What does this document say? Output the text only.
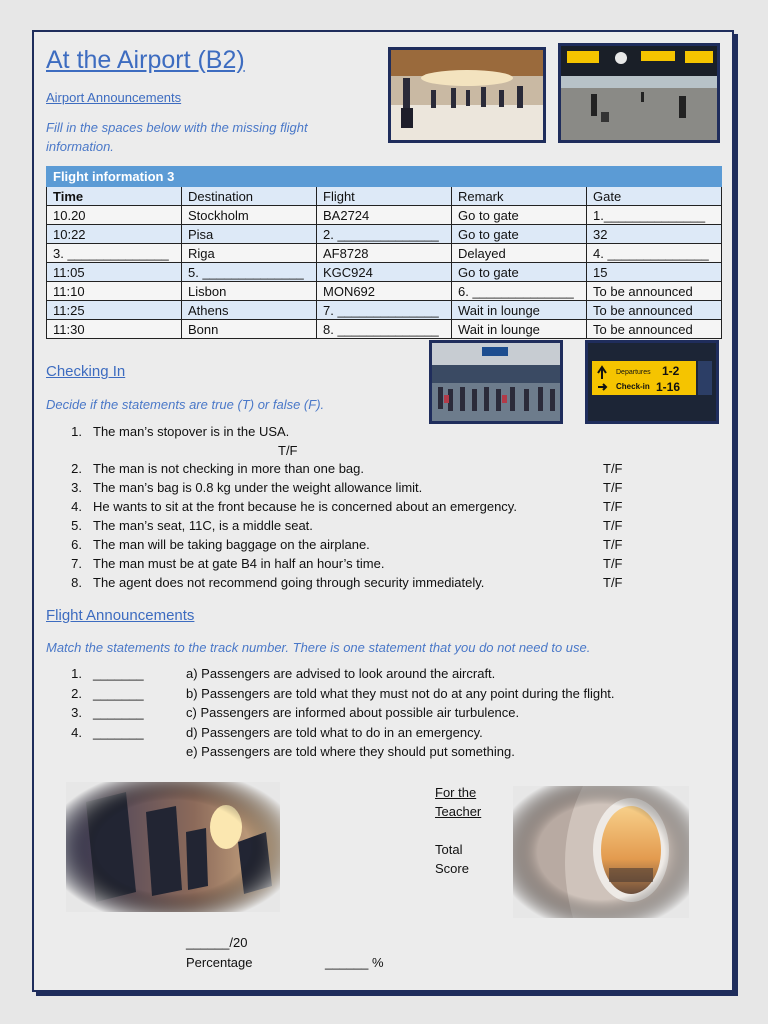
At the Airport (B2)
Airport Announcements
Fill in the spaces below with the missing flight information.
Flight information 3				
Time	Destination	Flight	Remark	Gate
10.20	Stockholm	BA2724	Go to gate	1.______________
10:22	Pisa	2. ______________	Go to gate	32
3. ______________	Riga	AF8728	Delayed	4. ______________
11:05	5. ______________	KGC924	Go to gate	15
11:10	Lisbon	MON692	6. ______________	To be announced
11:25	Athens	7. ______________	Wait in lounge	To be announced
11:30	Bonn	8. ______________	Wait in lounge	To be announced
Checking In
Decide if the statements are true (T) or false (F).
Departures 1-2
Check-in 1-16
1. The man’s stopover is in the USA.
T/F
2. The man is not checking in more than one bag.	T/F
3. The man’s bag is 0.8 kg under the weight allowance limit.	T/F
4. He wants to sit at the front because he is concerned about an emergency.	T/F
5. The man’s seat, 11C, is a middle seat.	T/F
6. The man will be taking baggage on the airplane.	T/F
7. The man must be at gate B4 in half an hour’s time.	T/F
8. The agent does not recommend going through security immediately.	T/F
Flight Announcements
Match the statements to the track number. There is one statement that you do not need to use.
1. _______	a) Passengers are advised to look around the aircraft.
2. _______	b) Passengers are told what they must not do at any point during the flight.
3. _______	c) Passengers are informed about possible air turbulence.
4. _______	d) Passengers are told what to do in an emergency.
e) Passengers are told where they should put something.
For the
Teacher
Total
Score
______/20
Percentage	______ %
